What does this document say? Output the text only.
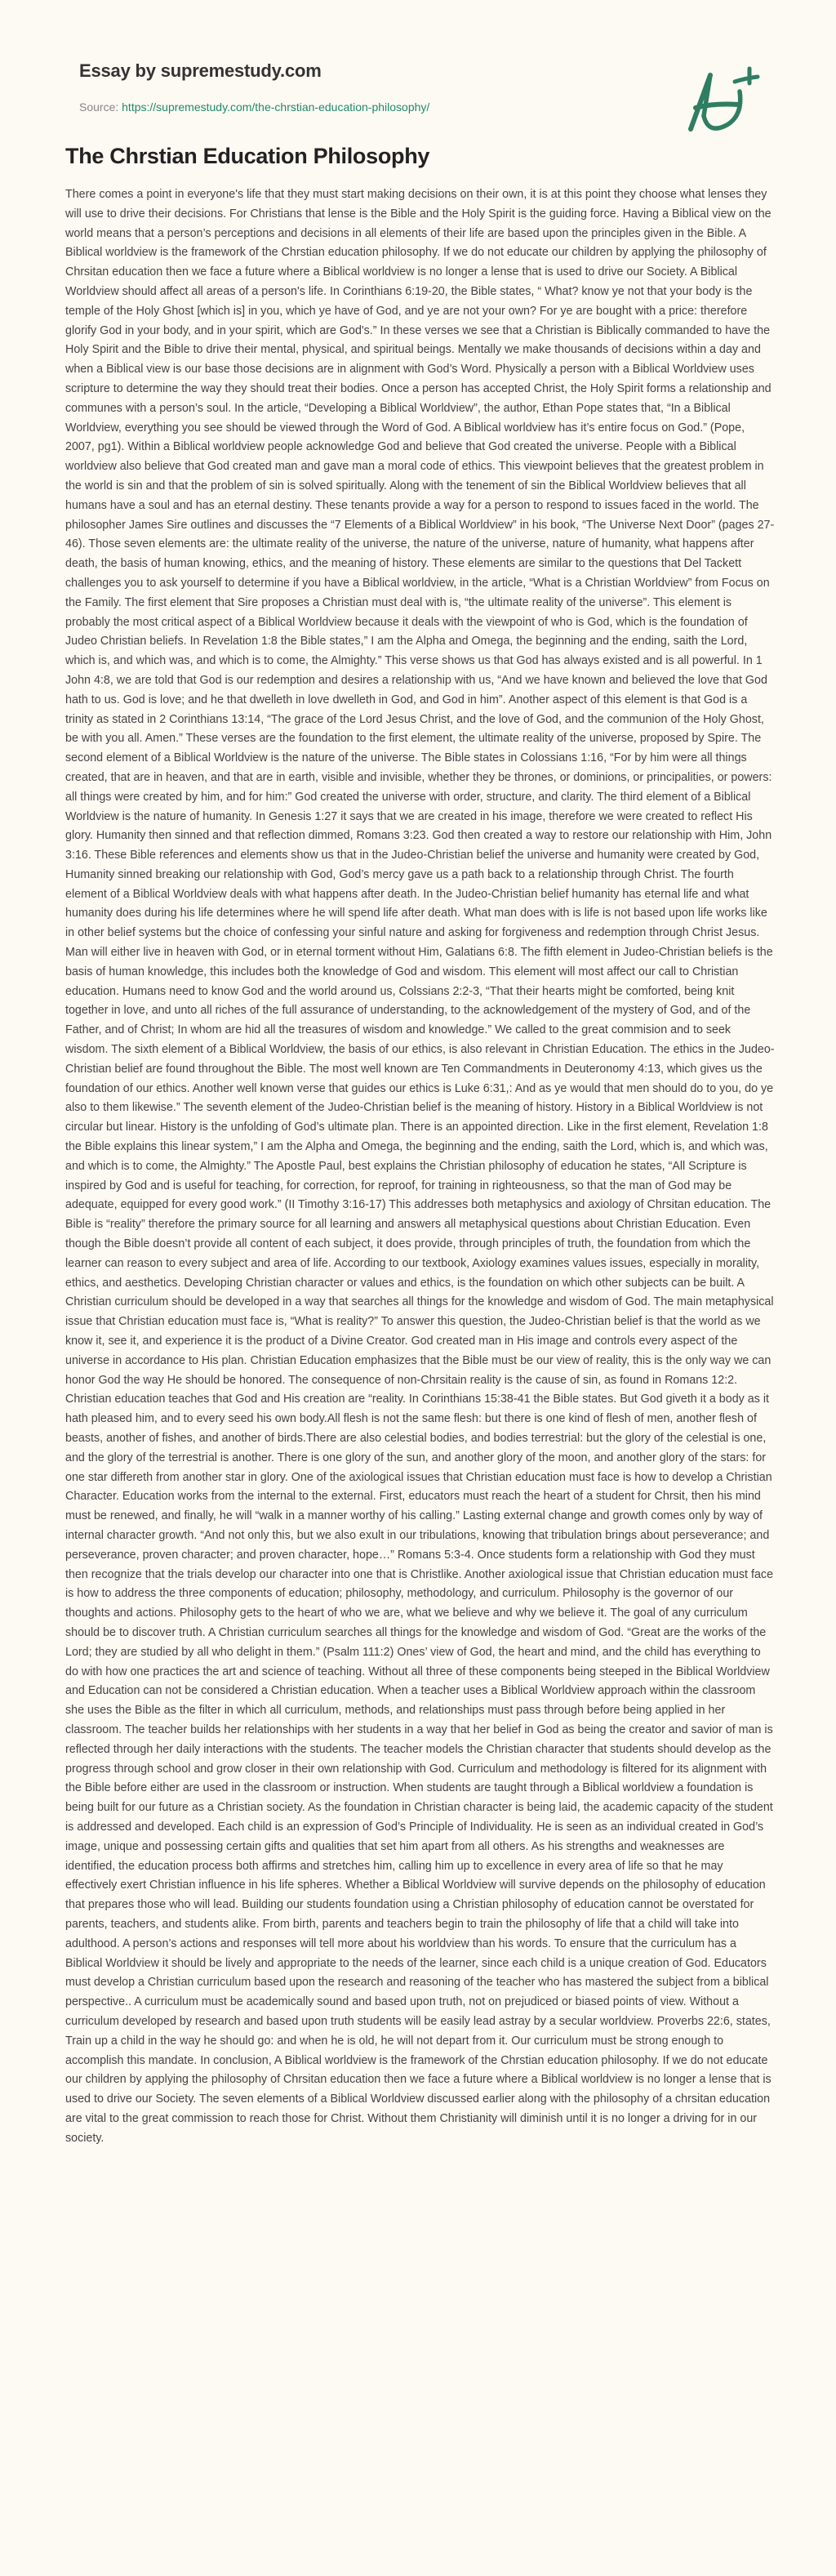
Essay by supremestudy.com
Source: https://supremestudy.com/the-chrstian-education-philosophy/
The Chrstian Education Philosophy

There comes a point in everyone's life that they must start making decisions on their own, it is at this point they choose what lenses they will use to drive their decisions. For Christians that lense is the Bible and the Holy Spirit is the guiding force. Having a Biblical view on the world means that a person’s perceptions and decisions in all elements of their life are based upon the principles given in the Bible. A Biblical worldview is the framework of the Chrstian education philosophy. If we do not educate our children by applying the philosophy of Chrsitan education then we face a future where a Biblical worldview is no longer a lense that is used to drive our Society. A Biblical Worldview should affect all areas of a person's life. In Corinthians 6:19-20, the Bible states, “ What? know ye not that your body is the temple of the Holy Ghost [which is] in you, which ye have of God, and ye are not your own? For ye are bought with a price: therefore glorify God in your body, and in your spirit, which are God's.” In these verses we see that a Christian is Biblically commanded to have the Holy Spirit and the Bible to drive their mental, physical, and spiritual beings. Mentally we make thousands of decisions within a day and when a Biblical view is our base those decisions are in alignment with God’s Word. Physically a person with a Biblical Worldview uses scripture to determine the way they should treat their bodies. Once a person has accepted Christ, the Holy Spirit forms a relationship and communes with a person’s soul. In the article, “Developing a Biblical Worldview”, the author, Ethan Pope states that, “In a Biblical Worldview, everything you see should be viewed through the Word of God. A Biblical worldview has it’s entire focus on God.” (Pope, 2007, pg1). Within a Biblical worldview people acknowledge God and believe that God created the universe. People with a Biblical worldview also believe that God created man and gave man a moral code of ethics. This viewpoint believes that the greatest problem in the world is sin and that the problem of sin is solved spiritually. Along with the tenement of sin the Biblical Worldview believes that all humans have a soul and has an eternal destiny. These tenants provide a way for a person to respond to issues faced in the world. The philosopher James Sire outlines and discusses the “7 Elements of a Biblical Worldview” in his book, “The Universe Next Door” (pages 27-46). Those seven elements are: the ultimate reality of the universe, the nature of the universe, nature of humanity, what happens after death, the basis of human knowing, ethics, and the meaning of history. These elements are similar to the questions that Del Tackett challenges you to ask yourself to determine if you have a Biblical worldview, in the article, “What is a Christian Worldview” from Focus on the Family. The first element that Sire proposes a Christian must deal with is, “the ultimate reality of the universe”. This element is probably the most critical aspect of a Biblical Worldview because it deals with the viewpoint of who is God, which is the foundation of Judeo Christian beliefs. In Revelation 1:8 the Bible states,” I am the Alpha and Omega, the beginning and the ending, saith the Lord, which is, and which was, and which is to come, the Almighty.” This verse shows us that God has always existed and is all powerful. In 1 John 4:8, we are told that God is our redemption and desires a relationship with us, “And we have known and believed the love that God hath to us. God is love; and he that dwelleth in love dwelleth in God, and God in him”. Another aspect of this element is that God is a trinity as stated in 2 Corinthians 13:14, “The grace of the Lord Jesus Christ, and the love of God, and the communion of the Holy Ghost, be with you all. Amen.” These verses are the foundation to the first element, the ultimate reality of the universe, proposed by Spire. The second element of a Biblical Worldview is the nature of the universe. The Bible states in Colossians 1:16, “For by him were all things created, that are in heaven, and that are in earth, visible and invisible, whether they be thrones, or dominions, or principalities, or powers: all things were created by him, and for him:” God created the universe with order, structure, and clarity. The third element of a Biblical Worldview is the nature of humanity. In Genesis 1:27 it says that we are created in his image, therefore we were created to reflect His glory. Humanity then sinned and that reflection dimmed, Romans 3:23. God then created a way to restore our relationship with Him, John 3:16. These Bible references and elements show us that in the Judeo-Christian belief the universe and humanity were created by God, Humanity sinned breaking our relationship with God, God’s mercy gave us a path back to a relationship through Christ. The fourth element of a Biblical Worldview deals with what happens after death. In the Judeo-Christian belief humanity has eternal life and what humanity does during his life determines where he will spend life after death. What man does with is life is not based upon life works like in other belief systems but the choice of confessing your sinful nature and asking for forgiveness and redemption through Christ Jesus. Man will either live in heaven with God, or in eternal torment without Him, Galatians 6:8. The fifth element in Judeo-Christian beliefs is the basis of human knowledge, this includes both the knowledge of God and wisdom. This element will most affect our call to Christian education. Humans need to know God and the world around us, Colssians 2:2-3, “That their hearts might be comforted, being knit together in love, and unto all riches of the full assurance of understanding, to the acknowledgement of the mystery of God, and of the Father, and of Christ; In whom are hid all the treasures of wisdom and knowledge.” We called to the great commision and to seek wisdom. The sixth element of a Biblical Worldview, the basis of our ethics, is also relevant in Christian Education. The ethics in the Judeo-Christian belief are found throughout the Bible. The most well known are Ten Commandments in Deuteronomy 4:13, which gives us the foundation of our ethics. Another well known verse that guides our ethics is Luke 6:31,: And as ye would that men should do to you, do ye also to them likewise.” The seventh element of the Judeo-Christian belief is the meaning of history. History in a Biblical Worldview is not circular but linear. History is the unfolding of God’s ultimate plan. There is an appointed direction. Like in the first element, Revelation 1:8 the Bible explains this linear system,” I am the Alpha and Omega, the beginning and the ending, saith the Lord, which is, and which was, and which is to come, the Almighty.” The Apostle Paul, best explains the Christian philosophy of education he states, “All Scripture is inspired by God and is useful for teaching, for correction, for reproof, for training in righteousness, so that the man of God may be adequate, equipped for every good work.” (II Timothy 3:16-17) This addresses both metaphysics and axiology of Chrsitan education. The Bible is “reality” therefore the primary source for all learning and answers all metaphysical questions about Christian Education. Even though the Bible doesn’t provide all content of each subject, it does provide, through principles of truth, the foundation from which the learner can reason to every subject and area of life. According to our textbook, Axiology examines values issues, especially in morality, ethics, and aesthetics. Developing Christian character or values and ethics, is the foundation on which other subjects can be built. A Christian curriculum should be developed in a way that searches all things for the knowledge and wisdom of God. The main metaphysical issue that Christian education must face is, “What is reality?” To answer this question, the Judeo-Christian belief is that the world as we know it, see it, and experience it is the product of a Divine Creator. God created man in His image and controls every aspect of the universe in accordance to His plan. Christian Education emphasizes that the Bible must be our view of reality, this is the only way we can honor God the way He should be honored. The consequence of non-Chrsitain reality is the cause of sin, as found in Romans 12:2. Christian education teaches that God and His creation are “reality. In Corinthians 15:38-41 the Bible states. But God giveth it a body as it hath pleased him, and to every seed his own body.All flesh is not the same flesh: but there is one kind of flesh of men, another flesh of beasts, another of fishes, and another of birds.There are also celestial bodies, and bodies terrestrial: but the glory of the celestial is one, and the glory of the terrestrial is another. There is one glory of the sun, and another glory of the moon, and another glory of the stars: for one star differeth from another star in glory. One of the axiological issues that Christian education must face is how to develop a Christian Character. Education works from the internal to the external. First, educators must reach the heart of a student for Chrsit, then his mind must be renewed, and finally, he will “walk in a manner worthy of his calling.” Lasting external change and growth comes only by way of internal character growth. “And not only this, but we also exult in our tribulations, knowing that tribulation brings about perseverance; and perseverance, proven character; and proven character, hope…” Romans 5:3-4. Once students form a relationship with God they must then recognize that the trials develop our character into one that is Christlike. Another axiological issue that Christian education must face is how to address the three components of education; philosophy, methodology, and curriculum. Philosophy is the governor of our thoughts and actions. Philosophy gets to the heart of who we are, what we believe and why we believe it. The goal of any curriculum should be to discover truth. A Christian curriculum searches all things for the knowledge and wisdom of God. “Great are the works of the Lord; they are studied by all who delight in them.” (Psalm 111:2) Ones’ view of God, the heart and mind, and the child has everything to do with how one practices the art and science of teaching. Without all three of these components being steeped in the Biblical Worldview and Education can not be considered a Christian education. When a teacher uses a Biblical Worldview approach within the classroom she uses the Bible as the filter in which all curriculum, methods, and relationships must pass through before being applied in her classroom. The teacher builds her relationships with her students in a way that her belief in God as being the creator and savior of man is reflected through her daily interactions with the students. The teacher models the Christian character that students should develop as the progress through school and grow closer in their own relationship with God. Curriculum and methodology is filtered for its alignment with the Bible before either are used in the classroom or instruction. When students are taught through a Biblical worldview a foundation is being built for our future as a Christian society. As the foundation in Christian character is being laid, the academic capacity of the student is addressed and developed. Each child is an expression of God’s Principle of Individuality. He is seen as an individual created in God’s image, unique and possessing certain gifts and qualities that set him apart from all others. As his strengths and weaknesses are identified, the education process both affirms and stretches him, calling him up to excellence in every area of life so that he may effectively exert Christian influence in his life spheres. Whether a Biblical Worldview will survive depends on the philosophy of education that prepares those who will lead. Building our students foundation using a Christian philosophy of education cannot be overstated for parents, teachers, and students alike. From birth, parents and teachers begin to train the philosophy of life that a child will take into adulthood. A person’s actions and responses will tell more about his worldview than his words. To ensure that the curriculum has a Biblical Worldview it should be lively and appropriate to the needs of the learner, since each child is a unique creation of God. Educators must develop a Christian curriculum based upon the research and reasoning of the teacher who has mastered the subject from a biblical perspective.. A curriculum must be academically sound and based upon truth, not on prejudiced or biased points of view. Without a curriculum developed by research and based upon truth students will be easily lead astray by a secular worldview. Proverbs 22:6, states, Train up a child in the way he should go: and when he is old, he will not depart from it. Our curriculum must be strong enough to accomplish this mandate. In conclusion, A Biblical worldview is the framework of the Chrstian education philosophy. If we do not educate our children by applying the philosophy of Chrsitan education then we face a future where a Biblical worldview is no longer a lense that is used to drive our Society. The seven elements of a Biblical Worldview discussed earlier along with the philosophy of a chrsitan education are vital to the great commission to reach those for Christ. Without them Christianity will diminish until it is no longer a driving for in our society.
